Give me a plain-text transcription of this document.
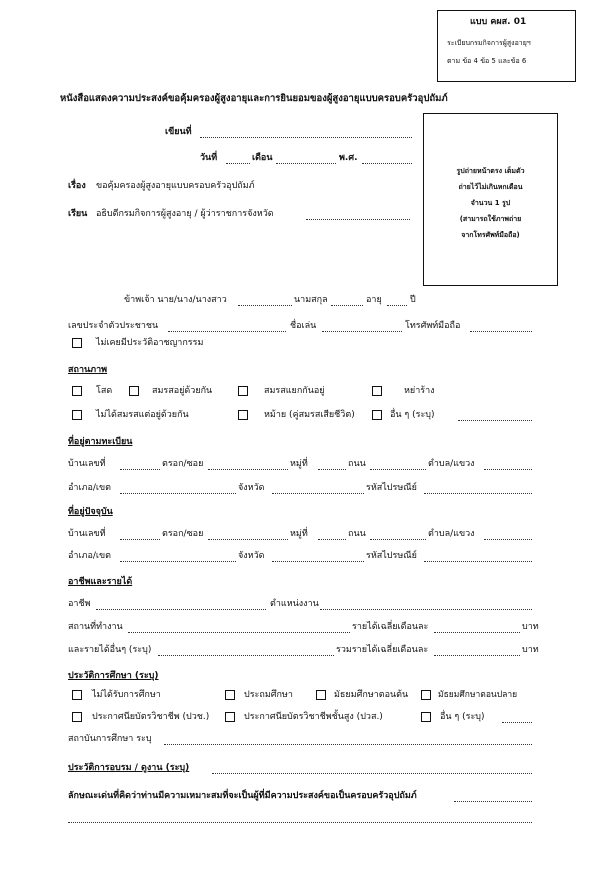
แบบ คผส. 01
ระเบียบกรมกิจการผู้สูงอายุฯ
ตาม ข้อ 4 ข้อ 5 และข้อ 6
หนังสือแสดงความประสงค์ขอคุ้มครองผู้สูงอายุและการยินยอมของผู้สูงอายุแบบครอบครัวอุปถัมภ์
เขียนที่
วันที่	เดือน	พ.ศ.
รูปถ่ายหน้าตรง เต็มตัว
ถ่ายไว้ไม่เกินหกเดือน
จำนวน 1 รูป
(สามารถใช้ภาพถ่าย
จากโทรศัพท์มือถือ)
เรื่อง ขอคุ้มครองผู้สูงอายุแบบครอบครัวอุปถัมภ์
เรียน อธิบดีกรมกิจการผู้สูงอายุ / ผู้ว่าราชการจังหวัด
ข้าพเจ้า นาย/นาง/นางสาว	นามสกุล	อายุ	ปี
เลขประจำตัวประชาชน	ชื่อเล่น	โทรศัพท์มือถือ
ไม่เคยมีประวัติอาชญากรรม
สถานภาพ
โสด	สมรสอยู่ด้วยกัน	สมรสแยกกันอยู่	หย่าร้าง
ไม่ได้สมรสแต่อยู่ด้วยกัน	หม้าย (คู่สมรสเสียชีวิต)	อื่น ๆ (ระบุ)
ที่อยู่ตามทะเบียน
บ้านเลขที่	ตรอก/ซอย	หมู่ที่	ถนน	ตำบล/แขวง
อำเภอ/เขต	จังหวัด	รหัสไปรษณีย์
ที่อยู่ปัจจุบัน
บ้านเลขที่	ตรอก/ซอย	หมู่ที่	ถนน	ตำบล/แขวง
อำเภอ/เขต	จังหวัด	รหัสไปรษณีย์
อาชีพและรายได้
อาชีพ	ตำแหน่งงาน
สถานที่ทำงาน	รายได้เฉลี่ยเดือนละ	บาท
และรายได้อื่นๆ (ระบุ)	รวมรายได้เฉลี่ยเดือนละ	บาท
ประวัติการศึกษา (ระบุ)
ไม่ได้รับการศึกษา	ประถมศึกษา	มัธยมศึกษาตอนต้น	มัธยมศึกษาตอนปลาย
ประกาศนียบัตรวิชาชีพ (ปวช.)	ประกาศนียบัตรวิชาชีพชั้นสูง (ปวส.)	อื่น ๆ (ระบุ)
สถาบันการศึกษา ระบุ
ประวัติการอบรม / ดูงาน (ระบุ)
ลักษณะเด่นที่คิดว่าท่านมีความเหมาะสมที่จะเป็นผู้ที่มีความประสงค์ขอเป็นครอบครัวอุปถัมภ์
